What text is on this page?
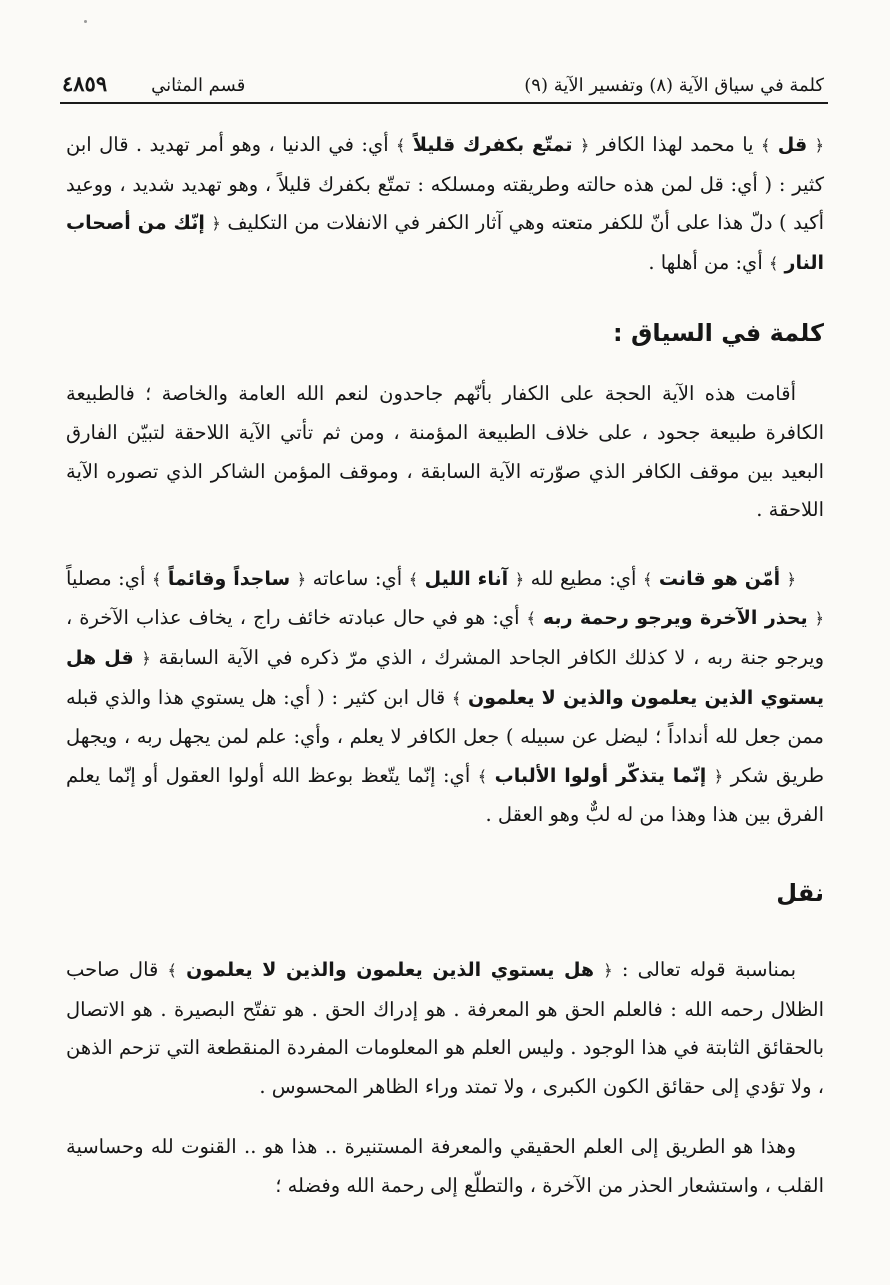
كلمة في سياق الآية (٨) وتفسير الآية (٩)
قسم المثاني
٤٨٥٩

﴿ قل ﴾ يا محمد لهذا الكافر ﴿ تمتّع بكفرك قليلاً ﴾ أي: في الدنيا ، وهو أمر تهديد . قال ابن كثير : ( أي: قل لمن هذه حالته وطريقته ومسلكه : تمتّع بكفرك قليلاً ، وهو تهديد شديد ، ووعيد أكيد ) دلّ هذا على أنّ للكفر متعته وهي آثار الكفر في الانفلات من التكليف ﴿ إنّك من أصحاب النار ﴾ أي: من أهلها .

كلمة في السياق :

أقامت هذه الآية الحجة على الكفار بأنّهم جاحدون لنعم الله العامة والخاصة ؛ فالطبيعة الكافرة طبيعة جحود ، على خلاف الطبيعة المؤمنة ، ومن ثم تأتي الآية اللاحقة لتبيّن الفارق البعيد بين موقف الكافر الذي صوّرته الآية السابقة ، وموقف المؤمن الشاكر الذي تصوره الآية اللاحقة .

﴿ أمّن هو قانت ﴾ أي: مطيع لله ﴿ آناء الليل ﴾ أي: ساعاته ﴿ ساجداً وقائماً ﴾ أي: مصلياً ﴿ يحذر الآخرة ويرجو رحمة ربه ﴾ أي: هو في حال عبادته خائف راج ، يخاف عذاب الآخرة ، ويرجو جنة ربه ، لا كذلك الكافر الجاحد المشرك ، الذي مرّ ذكره في الآية السابقة ﴿ قل هل يستوي الذين يعلمون والذين لا يعلمون ﴾ قال ابن كثير : ( أي: هل يستوي هذا والذي قبله ممن جعل لله أنداداً ؛ ليضل عن سبيله ) جعل الكافر لا يعلم ، وأي: علم لمن يجهل ربه ، ويجهل طريق شكر ﴿ إنّما يتذكّر أولوا الألباب ﴾ أي: إنّما يتّعظ بوعظ الله أولوا العقول أو إنّما يعلم الفرق بين هذا وهذا من له لبٌّ وهو العقل .

نقل

بمناسبة قوله تعالى : ﴿ هل يستوي الذين يعلمون والذين لا يعلمون ﴾ قال صاحب الظلال رحمه الله : فالعلم الحق هو المعرفة . هو إدراك الحق . هو تفتّح البصيرة . هو الاتصال بالحقائق الثابتة في هذا الوجود . وليس العلم هو المعلومات المفردة المنقطعة التي تزحم الذهن ، ولا تؤدي إلى حقائق الكون الكبرى ، ولا تمتد وراء الظاهر المحسوس .

وهذا هو الطريق إلى العلم الحقيقي والمعرفة المستنيرة .. هذا هو .. القنوت لله وحساسية القلب ، واستشعار الحذر من الآخرة ، والتطلّع إلى رحمة الله وفضله ؛
